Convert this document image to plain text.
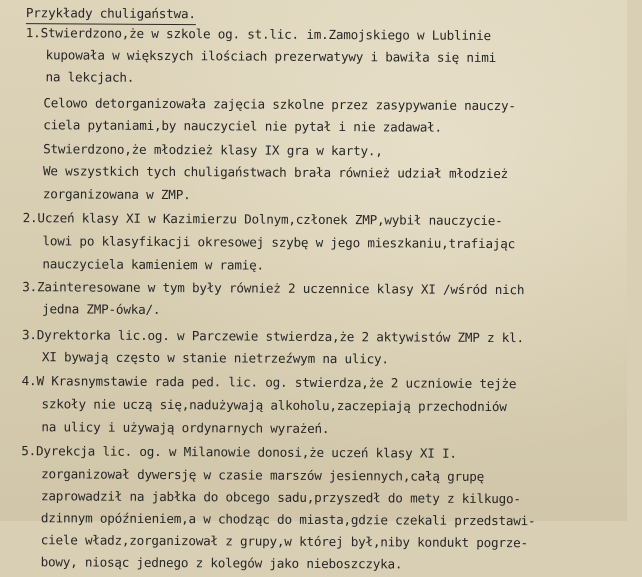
Przykłady chuligaństwa.
1.Stwierdzono,że w szkole og. st.lic. im.Zamojskiego w Lublinie
kupowała w większych ilościach prezerwatywy i bawiła się nimi
na lekcjach.
Celowo detorganizowała zajęcia szkolne przez zasypywanie nauczy-
ciela pytaniami,by nauczyciel nie pytał i nie zadawał.
Stwierdzono,że młodzież klasy IX gra w karty.,
We wszystkich tych chuligaństwach brała również udział młodzież
zorganizowana w ZMP.
2.Uczeń klasy XI w Kazimierzu Dolnym,członek ZMP,wybił nauczycie-
lowi po klasyfikacji okresowej szybę w jego mieszkaniu,trafiając
nauczyciela kamieniem w ramię.
3.Zainteresowane w tym były również 2 uczennice klasy XI /wśród nich
jedna ZMP-ówka/.
3.Dyrektorka lic.og. w Parczewie stwierdza,że 2 aktywistów ZMP z kl.
XI bywają często w stanie nietrzeźwym na ulicy.
4.W Krasnymstawie rada ped. lic. og. stwierdza,że 2 uczniowie tejże
szkoły nie uczą się,nadużywają alkoholu,zaczepiają przechodniów
na ulicy i używają ordynarnych wyrażeń.
5.Dyrekcja lic. og. w Milanowie donosi,że uczeń klasy XI I.
zorganizował dywersję w czasie marszów jesiennych,całą grupę
zaprowadził na jabłka do obcego sadu,przyszedł do mety z kilkugo-
dzinnym opóźnieniem,a w chodząc do miasta,gdzie czekali przedstawi-
ciele władz,zorganizował z grupy,w której był,niby kondukt pogrze-
bowy, niosąc jednego z kolegów jako nieboszczyka.
